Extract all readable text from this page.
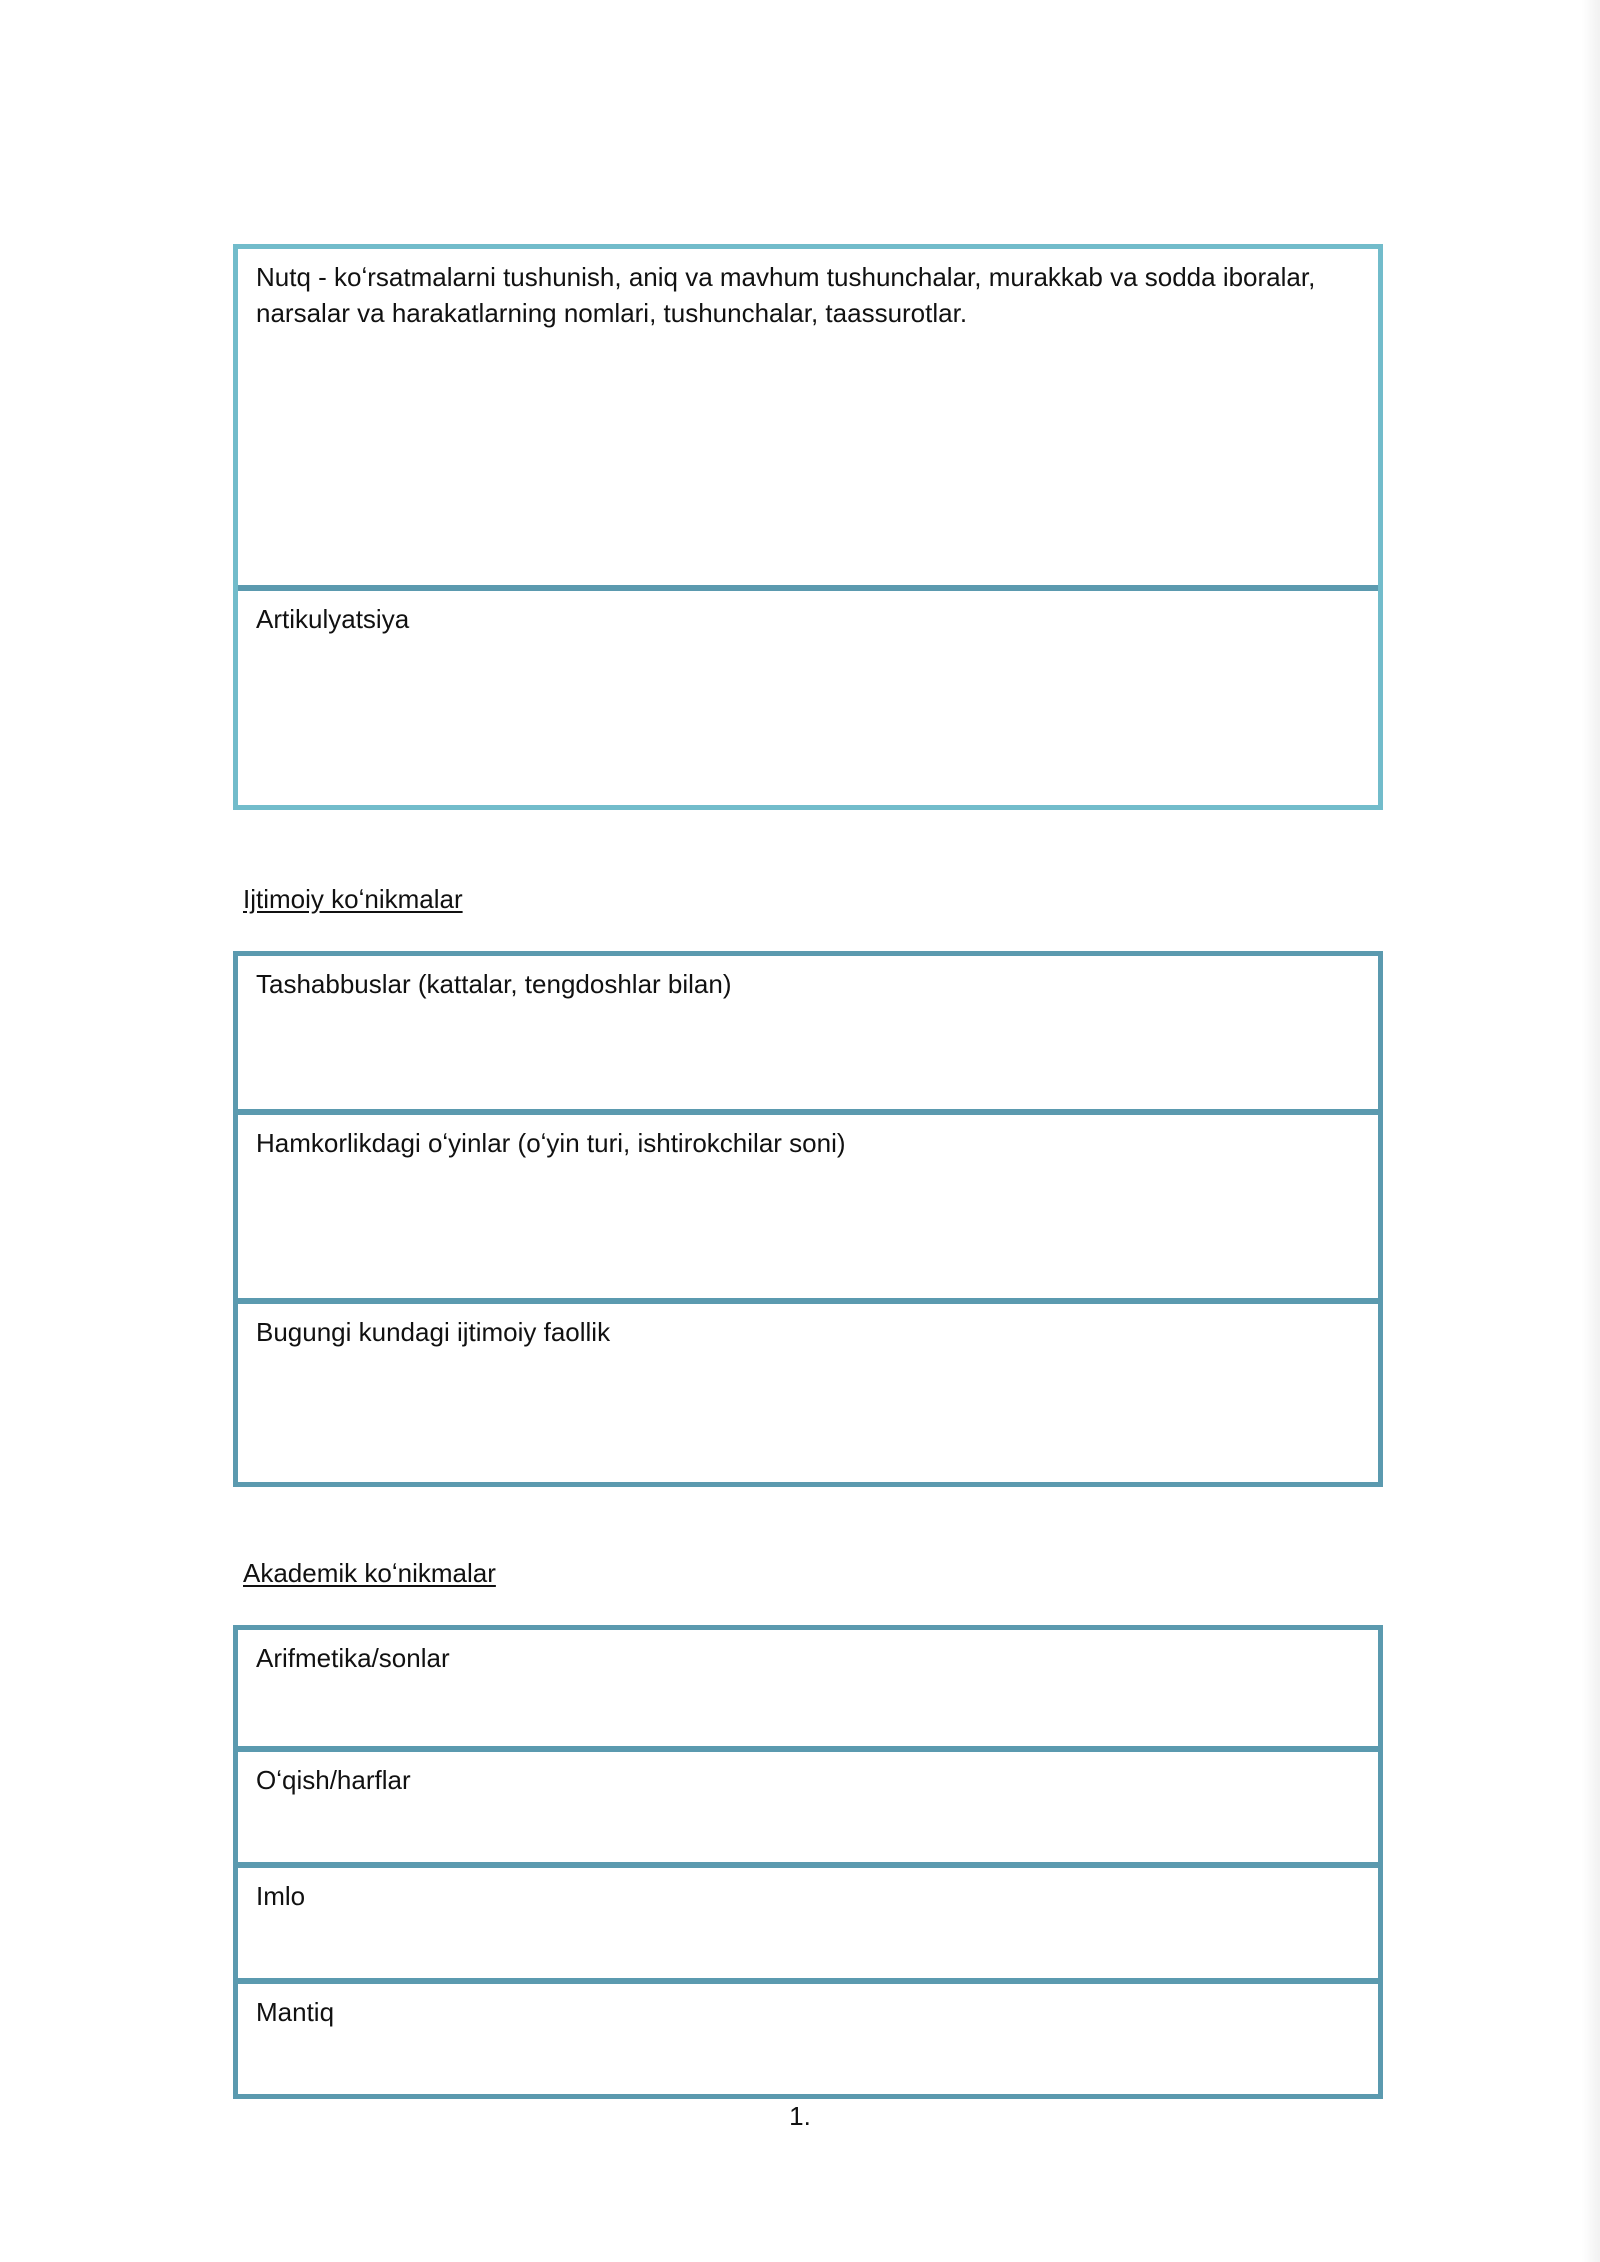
Nutq - koʻrsatmalarni tushunish, aniq va mavhum tushunchalar, murakkab va sodda iboralar, narsalar va harakatlarning nomlari, tushunchalar, taassurotlar.
Artikulyatsiya
Ijtimoiy koʻnikmalar
Tashabbuslar (kattalar, tengdoshlar bilan)
Hamkorlikdagi oʻyinlar (oʻyin turi, ishtirokchilar soni)
Bugungi kundagi ijtimoiy faollik
Akademik koʻnikmalar
Arifmetika/sonlar
Oʻqish/harflar
Imlo
Mantiq
1.
